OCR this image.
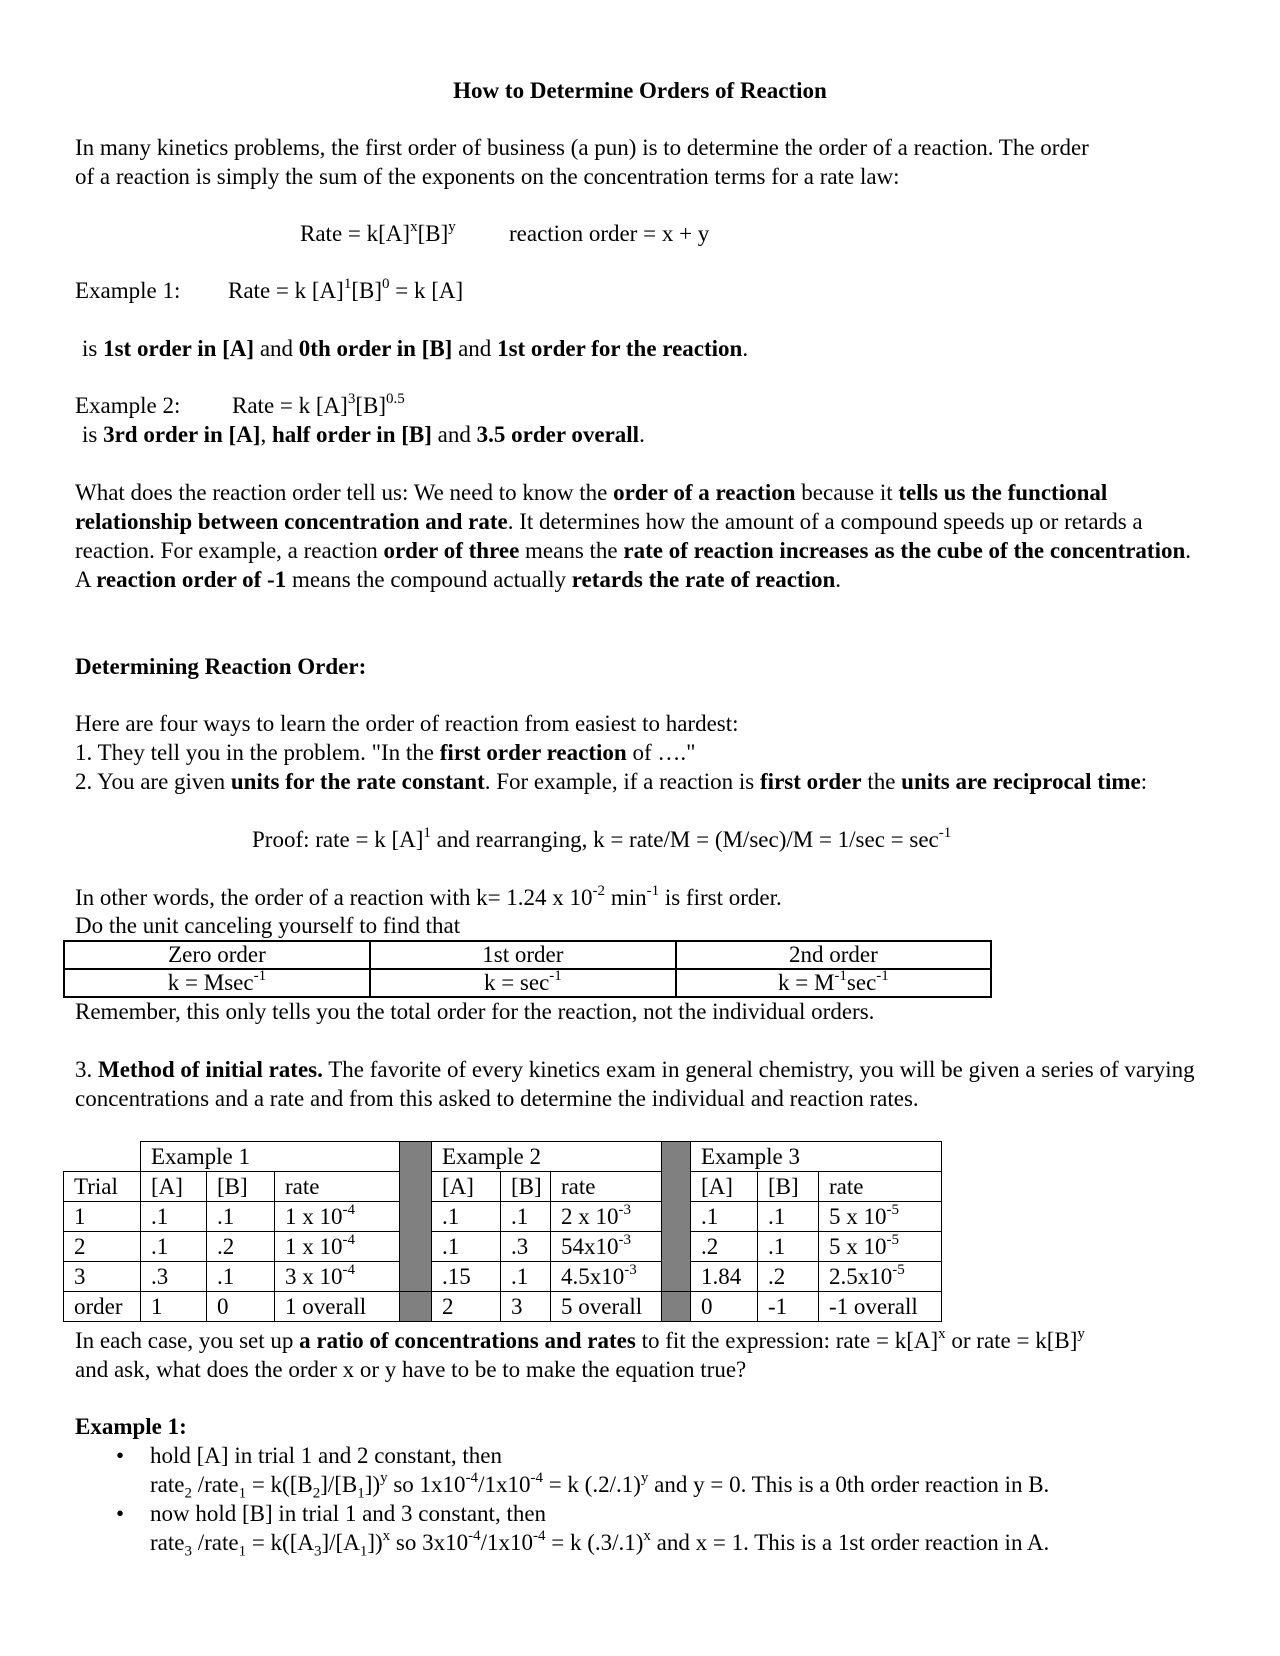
How to Determine Orders of Reaction
In many kinetics problems, the first order of business (a pun) is to determine the order of a reaction. The order
of a reaction is simply the sum of the exponents on the concentration terms for a rate law:
Rate = $k[A]^x[B]^y$ reaction order = x + y
Example 1: Rate = k $[A]^1[B]^0 = k$ [A]
is 1st order in [A] and 0th order in [B] and 1st order for the reaction.
Example 2: Rate = k $[A]^3[B]^{0.5}$
is 3rd order in [A], half order in [B] and 3.5 order overall.
What does the reaction order tell us: We need to know the order of a reaction because it tells us the functional relationship between concentration and rate. It determines how the amount of a compound speeds up or retards a reaction. For example, a reaction order of three means the rate of reaction increases as the cube of the concentration. A reaction order of -1 means the compound actually retards the rate of reaction.
Determining Reaction Order:
Here are four ways to learn the order of reaction from easiest to hardest:
1. They tell you in the problem. "In the first order reaction of …."
2. You are given units for the rate constant. For example, if a reaction is first order the units are reciprocal time:
Proof: rate = k $[A]^1$ and rearranging, k = rate/M = $(M/\sec)/M = 1/\sec = \sec^{-1}$
In other words, the order of a reaction with k= 1.24 x $10^{-2}$ $\min^{-1}$ is first order.
Do the unit canceling yourself to find that
Zero order	1st order	2nd order
k = Msec$^{-1}$	$k = \sec^{-1}$	$k = M^{-1}\sec^{-1}$
Remember, this only tells you the total order for the reaction, not the individual orders.
3. Method of initial rates. The favorite of every kinetics exam in general chemistry, you will be given a series of varying concentrations and a rate and from this asked to determine the individual and reaction rates.
	Example 1				Example 2				Example 3		
Trial	[A]	[B]	rate		[A]	[B]	rate		[A]	[B]	rate
1	.1	.1	1 x $10^{-4}$		.1	.1	2 x $10^{-3}$		.1	.1	5 x $10^{-5}$
2	.1	.2	1 x $10^{-4}$		.1	.3	$54x10^{-3}$		.2	.1	5 x $10^{-5}$
3	.3	.1	3 x $10^{-4}$		.15	.1	$4.5x10^{-3}$		1.84	.2	$2.5x10^{-5}$
order	1	0	1 overall		2	3	5 overall		0	-1	-1 overall
In each case, you set up a ratio of concentrations and rates to fit the expression: rate = $k[A]^x$ or rate = $k[B]^y$
and ask, what does the order x or y have to be to make the equation true?
Example 1:
• hold [A] in trial 1 and 2 constant, then
rate$_2$ /rate$_1$ = $k([B_2]/[B_1])^y$ so $1x10^{-4}/1x10^{-4} = k$ $(.2/.1)^y$ and y = 0. This is a 0th order reaction in B.
• now hold [B] in trial 1 and 3 constant, then
rate$_3$ /rate$_1$ = $k([A_3]/[A_1])^x$ so $3x10^{-4}/1x10^{-4} = k$ $(.3/.1)^x$ and x = 1. This is a 1st order reaction in A.
